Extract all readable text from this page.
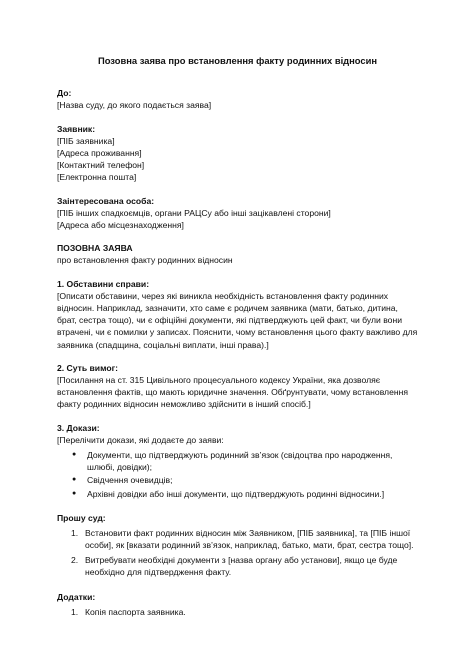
Позовна заява про встановлення факту родинних відносин
До:
[Назва суду, до якого подається заява]
Заявник:
[ПІБ заявника]
[Адреса проживання]
[Контактний телефон]
[Електронна пошта]
Заінтересована особа:
[ПІБ інших спадкоємців, органи РАЦСу або інші зацікавлені сторони]
[Адреса або місцезнаходження]
ПОЗОВНА ЗАЯВА
про встановлення факту родинних відносин
1. Обставини справи:
[Описати обставини, через які виникла необхідність встановлення факту родинних відносин. Наприклад, зазначити, хто саме є родичем заявника (мати, батько, дитина, брат, сестра тощо), чи є офіційні документи, які підтверджують цей факт, чи були вони втрачені, чи є помилки у записах. Пояснити, чому встановлення цього факту важливо для заявника (спадщина, соціальні виплати, інші права).]
2. Суть вимог:
[Посилання на ст. 315 Цивільного процесуального кодексу України, яка дозволяє встановлення фактів, що мають юридичне значення. Обґрунтувати, чому встановлення факту родинних відносин неможливо здійснити в інший спосіб.]
3. Докази:
[Перелічити докази, які додаєте до заяви:
● Документи, що підтверджують родинний зв’язок (свідоцтва про народження, шлюбі, довідки);
● Свідчення очевидців;
● Архівні довідки або інші документи, що підтверджують родинні відносини.]
Прошу суд:
1. Встановити факт родинних відносин між Заявником, [ПІБ заявника], та [ПІБ іншої особи], як [вказати родинний зв’язок, наприклад, батько, мати, брат, сестра тощо].
2. Витребувати необхідні документи з [назва органу або установи], якщо це буде необхідно для підтвердження факту.
Додатки:
1. Копія паспорта заявника.
